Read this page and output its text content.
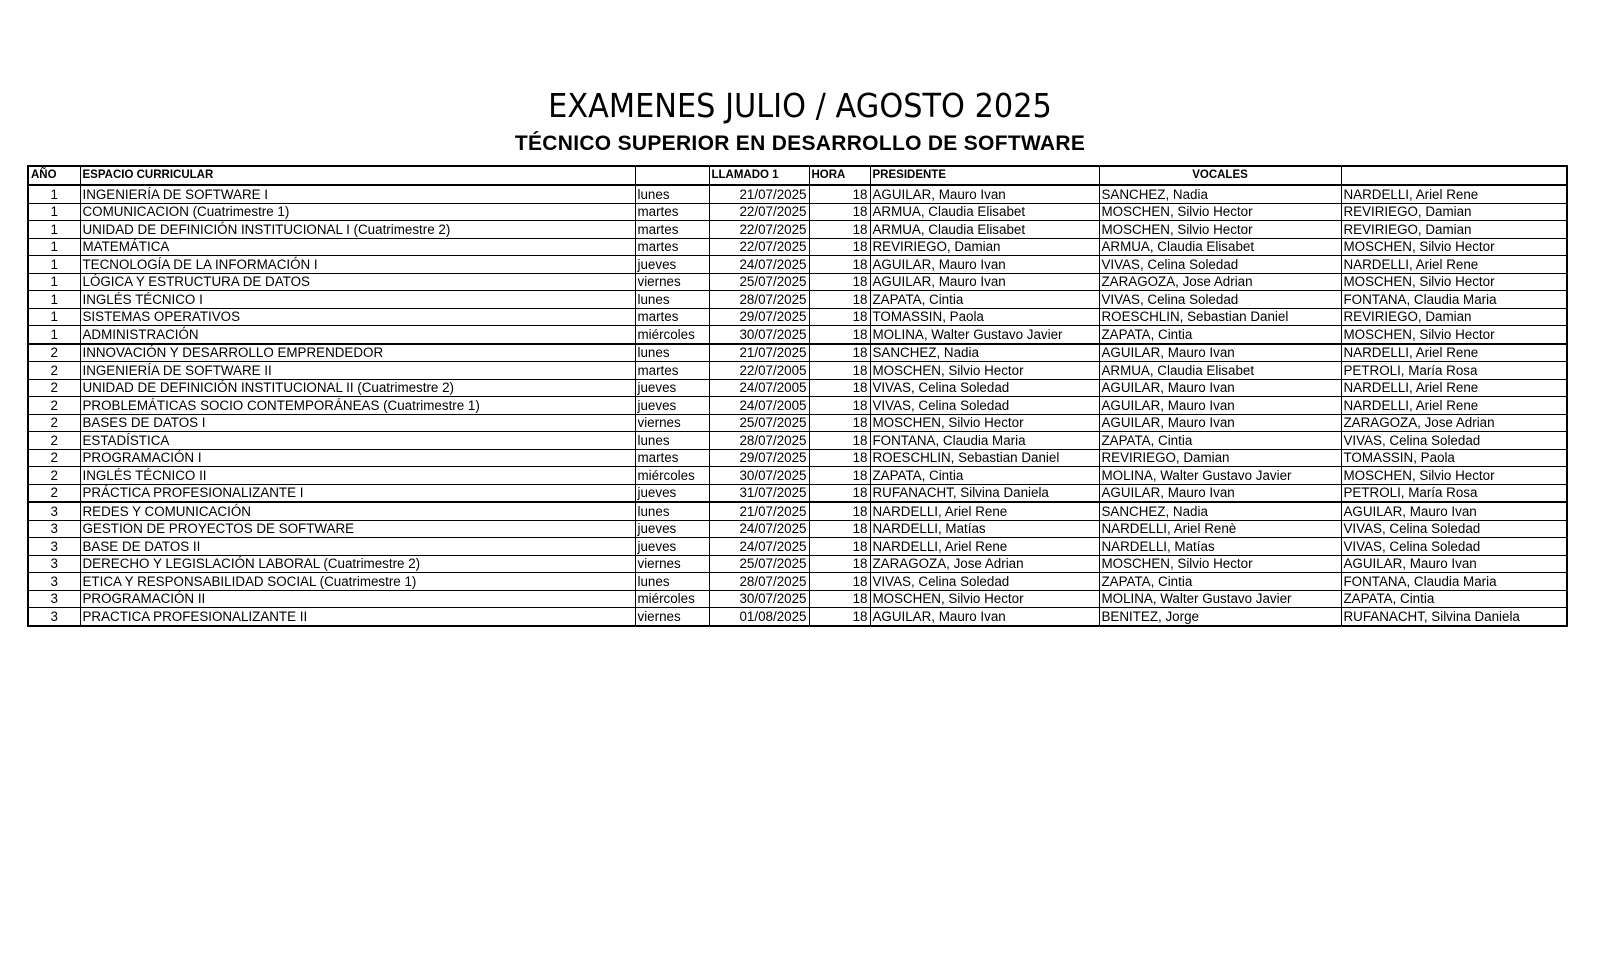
EXAMENES JULIO / AGOSTO 2025
TÉCNICO SUPERIOR EN DESARROLLO DE SOFTWARE
AÑO	ESPACIO CURRICULAR		LLAMADO 1	HORA	PRESIDENTE	VOCALES	
1	INGENIERÍA DE SOFTWARE I	lunes	21/07/2025	18	AGUILAR, Mauro Ivan	SANCHEZ, Nadia	NARDELLI, Ariel Rene
1	COMUNICACION (Cuatrimestre 1)	martes	22/07/2025	18	ARMUA, Claudia Elisabet	MOSCHEN, Silvio Hector	REVIRIEGO, Damian
1	UNIDAD DE DEFINICIÓN INSTITUCIONAL I (Cuatrimestre 2)	martes	22/07/2025	18	ARMUA, Claudia Elisabet	MOSCHEN, Silvio Hector	REVIRIEGO, Damian
1	MATEMÁTICA	martes	22/07/2025	18	REVIRIEGO, Damian	ARMUA, Claudia Elisabet	MOSCHEN, Silvio Hector
1	TECNOLOGÍA DE LA INFORMACIÓN I	jueves	24/07/2025	18	AGUILAR, Mauro Ivan	VIVAS, Celina Soledad	NARDELLI, Ariel Rene
1	LÓGICA Y ESTRUCTURA DE DATOS	viernes	25/07/2025	18	AGUILAR, Mauro Ivan	ZARAGOZA, Jose Adrian	MOSCHEN, Silvio Hector
1	INGLÉS TÉCNICO I	lunes	28/07/2025	18	ZAPATA, Cintia	VIVAS, Celina Soledad	FONTANA, Claudia Maria
1	SISTEMAS OPERATIVOS	martes	29/07/2025	18	TOMASSIN, Paola	ROESCHLIN, Sebastian Daniel	REVIRIEGO, Damian
1	ADMINISTRACIÓN	miércoles	30/07/2025	18	MOLINA, Walter Gustavo Javier	ZAPATA, Cintia	MOSCHEN, Silvio Hector
2	INNOVACIÓN Y DESARROLLO EMPRENDEDOR	lunes	21/07/2025	18	SANCHEZ, Nadia	AGUILAR, Mauro Ivan	NARDELLI, Ariel Rene
2	INGENIERÍA DE SOFTWARE II	martes	22/07/2005	18	MOSCHEN, Silvio Hector	ARMUA, Claudia Elisabet	PETROLI, María Rosa
2	UNIDAD DE DEFINICIÓN INSTITUCIONAL II (Cuatrimestre 2)	jueves	24/07/2005	18	VIVAS, Celina Soledad	AGUILAR, Mauro Ivan	NARDELLI, Ariel Rene
2	PROBLEMÁTICAS SOCIO CONTEMPORÁNEAS (Cuatrimestre 1)	jueves	24/07/2005	18	VIVAS, Celina Soledad	AGUILAR, Mauro Ivan	NARDELLI, Ariel Rene
2	BASES DE DATOS I	viernes	25/07/2025	18	MOSCHEN, Silvio Hector	AGUILAR, Mauro Ivan	ZARAGOZA, Jose Adrian
2	ESTADÍSTICA	lunes	28/07/2025	18	FONTANA, Claudia Maria	ZAPATA, Cintia	VIVAS, Celina Soledad
2	PROGRAMACIÓN I	martes	29/07/2025	18	ROESCHLIN, Sebastian Daniel	REVIRIEGO, Damian	TOMASSIN, Paola
2	INGLÉS TÉCNICO II	miércoles	30/07/2025	18	ZAPATA, Cintia	MOLINA, Walter Gustavo Javier	MOSCHEN, Silvio Hector
2	PRÁCTICA PROFESIONALIZANTE I	jueves	31/07/2025	18	RUFANACHT, Silvina Daniela	AGUILAR, Mauro Ivan	PETROLI, María Rosa
3	REDES Y COMUNICACIÓN	lunes	21/07/2025	18	NARDELLI, Ariel Rene	SANCHEZ, Nadia	AGUILAR, Mauro Ivan
3	GESTION DE PROYECTOS DE SOFTWARE	jueves	24/07/2025	18	NARDELLI, Matías	NARDELLI, Ariel Renè	VIVAS, Celina Soledad
3	BASE DE DATOS II	jueves	24/07/2025	18	NARDELLI, Ariel Rene	NARDELLI, Matías	VIVAS, Celina Soledad
3	DERECHO Y LEGISLACIÓN LABORAL (Cuatrimestre 2)	viernes	25/07/2025	18	ZARAGOZA, Jose Adrian	MOSCHEN, Silvio Hector	AGUILAR, Mauro Ivan
3	ETICA Y RESPONSABILIDAD SOCIAL (Cuatrimestre 1)	lunes	28/07/2025	18	VIVAS, Celina Soledad	ZAPATA, Cintia	FONTANA, Claudia Maria
3	PROGRAMACIÓN II	miércoles	30/07/2025	18	MOSCHEN, Silvio Hector	MOLINA, Walter Gustavo Javier	ZAPATA, Cintia
3	PRACTICA PROFESIONALIZANTE II	viernes	01/08/2025	18	AGUILAR, Mauro Ivan	BENITEZ, Jorge	RUFANACHT, Silvina Daniela
